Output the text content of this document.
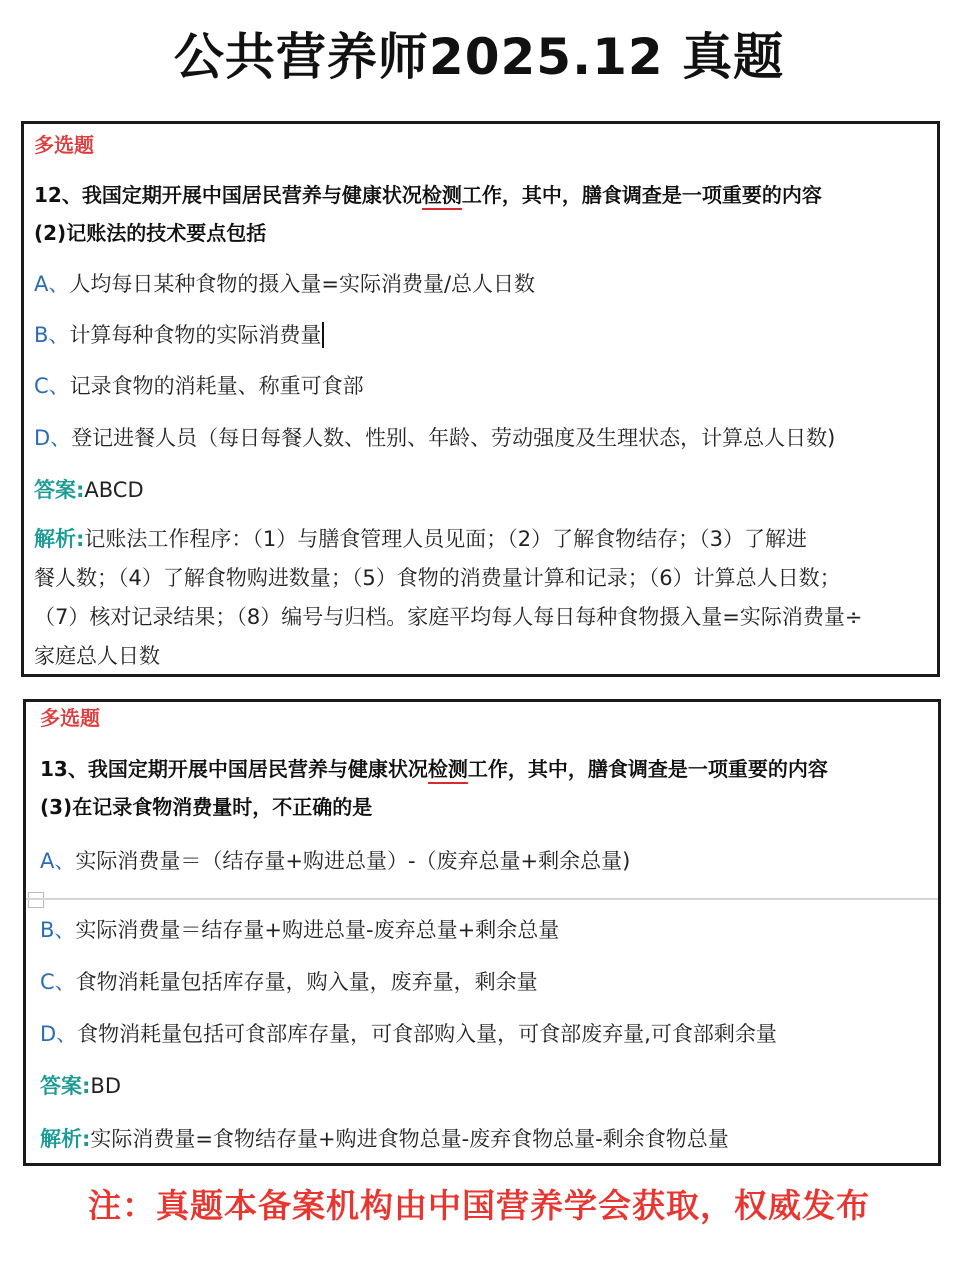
公共营养师2025.12 真题
多选题
12、我国定期开展中国居民营养与健康状况检测工作，其中，膳食调查是一项重要的内容
(2)记账法的技术要点包括
A、人均每日某种食物的摄入量=实际消费量/总人日数
B、计算每种食物的实际消费量
C、记录食物的消耗量、称重可食部
D、登记进餐人员（每日每餐人数、性别、年龄、劳动强度及生理状态，计算总人日数)
答案:ABCD
解析:记账法工作程序：（1）与膳食管理人员见面；（2）了解食物结存；（3）了解进
餐人数；（4）了解食物购进数量；（5）食物的消费量计算和记录；（6）计算总人日数；
（7）核对记录结果；（8）编号与归档。家庭平均每人每日每种食物摄入量=实际消费量÷
家庭总人日数
多选题
13、我国定期开展中国居民营养与健康状况检测工作，其中，膳食调查是一项重要的内容
(3)在记录食物消费量时，不正确的是
A、实际消费量＝（结存量+购进总量）-（废弃总量+剩余总量)
B、实际消费量＝结存量+购进总量-废弃总量+剩余总量
C、食物消耗量包括库存量，购入量，废弃量，剩余量
D、食物消耗量包括可食部库存量，可食部购入量，可食部废弃量,可食部剩余量
答案:BD
解析:实际消费量=食物结存量+购进食物总量-废弃食物总量-剩余食物总量
注：真题本备案机构由中国营养学会获取，权威发布
